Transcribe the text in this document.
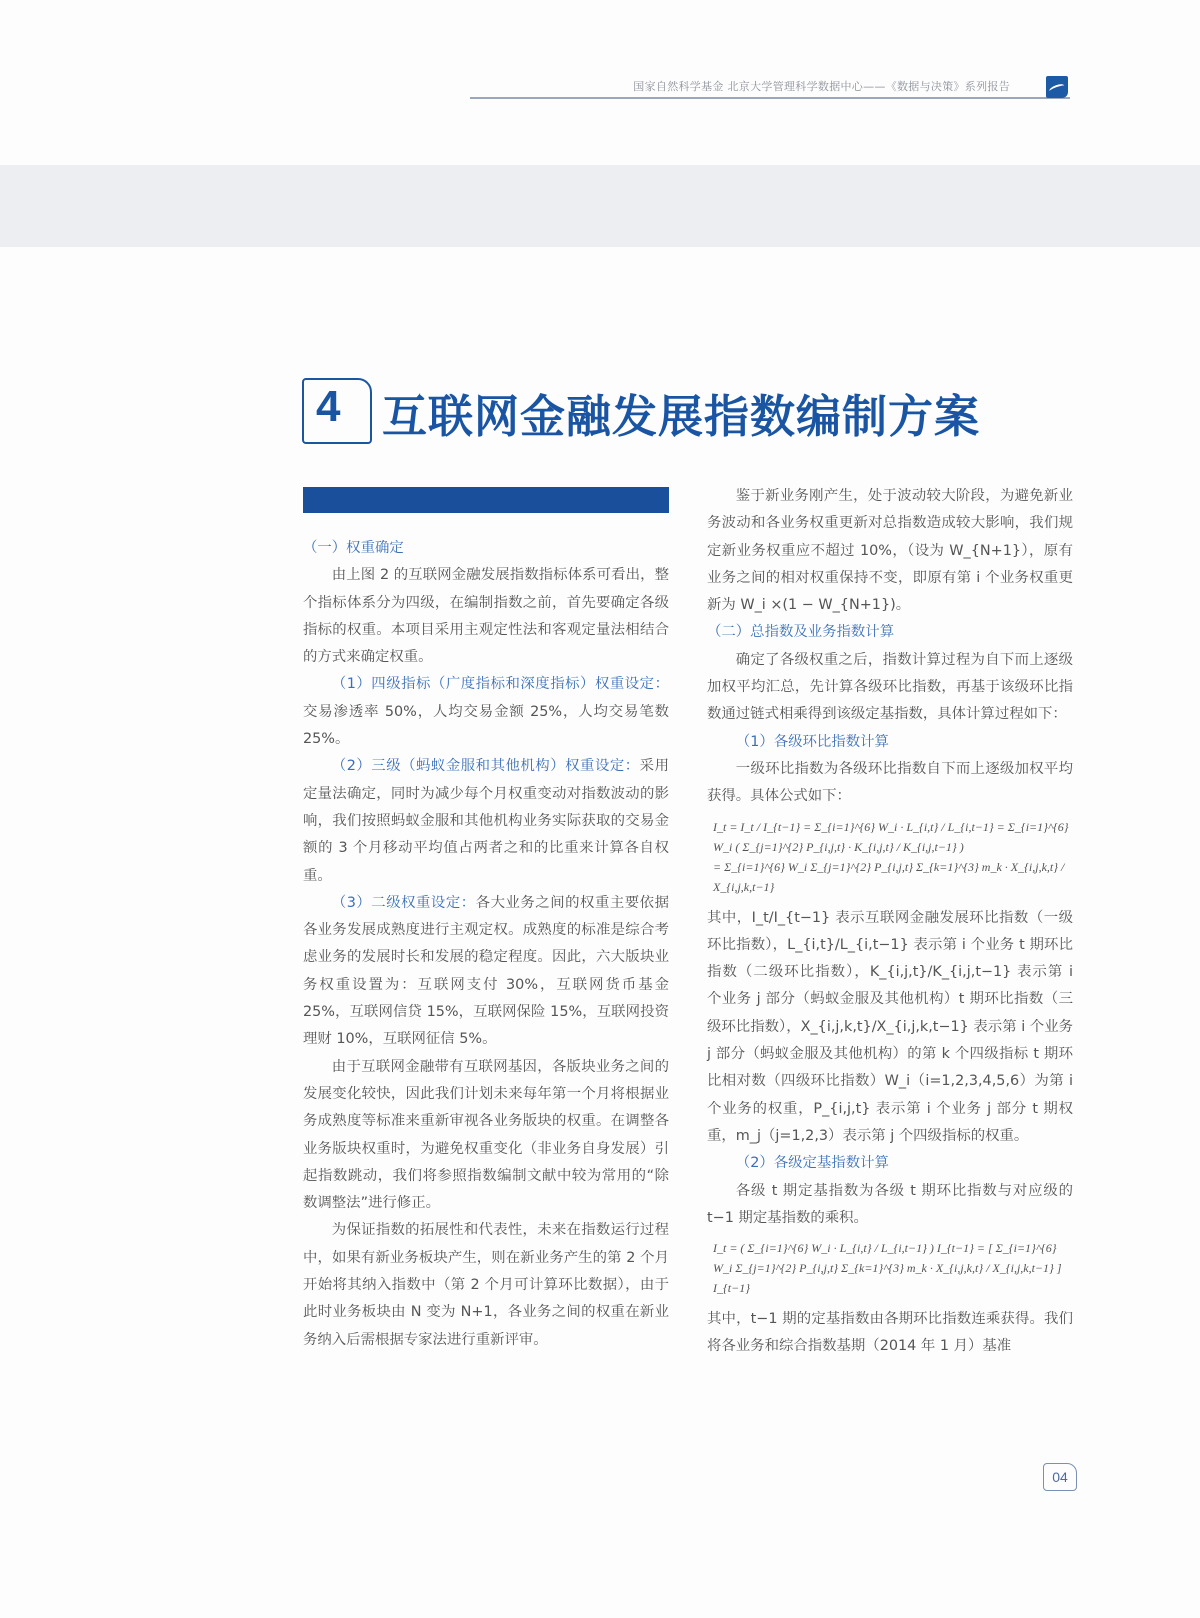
国家自然科学基金 北京大学管理科学数据中心——《数据与决策》系列报告
4 互联网金融发展指数编制方案

（一）权重确定

由上图 2 的互联网金融发展指数指标体系可看出，整个指标体系分为四级，在编制指数之前，首先要确定各级指标的权重。本项目采用主观定性法和客观定量法相结合的方式来确定权重。

（1）四级指标（广度指标和深度指标）权重设定：交易渗透率 50%，人均交易金额 25%，人均交易笔数 25%。

（2）三级（蚂蚁金服和其他机构）权重设定：采用定量法确定，同时为减少每个月权重变动对指数波动的影响，我们按照蚂蚁金服和其他机构业务实际获取的交易金额的 3 个月移动平均值占两者之和的比重来计算各自权重。

（3）二级权重设定：各大业务之间的权重主要依据各业务发展成熟度进行主观定权。成熟度的标准是综合考虑业务的发展时长和发展的稳定程度。因此，六大版块业务权重设置为：互联网支付 30%，互联网货币基金 25%，互联网信贷 15%，互联网保险 15%，互联网投资理财 10%，互联网征信 5%。

由于互联网金融带有互联网基因，各版块业务之间的发展变化较快，因此我们计划未来每年第一个月将根据业务成熟度等标准来重新审视各业务版块的权重。在调整各业务版块权重时，为避免权重变化（非业务自身发展）引起指数跳动，我们将参照指数编制文献中较为常用的“除数调整法”进行修正。

为保证指数的拓展性和代表性，未来在指数运行过程中，如果有新业务板块产生，则在新业务产生的第 2 个月开始将其纳入指数中（第 2 个月可计算环比数据），由于此时业务板块由 N 变为 N+1，各业务之间的权重在新业务纳入后需根据专家法进行重新评审。

鉴于新业务刚产生，处于波动较大阶段，为避免新业务波动和各业务权重更新对总指数造成较大影响，我们规定新业务权重应不超过 10%，（设为 W_{N+1}），原有业务之间的相对权重保持不变，即原有第 i 个业务权重更新为 W_i ×(1 − W_{N+1})。

（二）总指数及业务指数计算

确定了各级权重之后，指数计算过程为自下而上逐级加权平均汇总，先计算各级环比指数，再基于该级环比指数通过链式相乘得到该级定基指数，具体计算过程如下：

（1）各级环比指数计算

一级环比指数为各级环比指数自下而上逐级加权平均获得。具体公式如下：

I_t = I_t / I_{t−1} = Σ_{i=1}^{6} W_i · L_{i,t} / L_{i,t−1} = Σ_{i=1}^{6} W_i ( Σ_{j=1}^{2} P_{i,j,t} · K_{i,j,t} / K_{i,j,t−1} )
= Σ_{i=1}^{6} W_i Σ_{j=1}^{2} P_{i,j,t} Σ_{k=1}^{3} m_k · X_{i,j,k,t} / X_{i,j,k,t−1}

其中，I_t/I_{t−1} 表示互联网金融发展环比指数（一级环比指数），L_{i,t}/L_{i,t−1} 表示第 i 个业务 t 期环比指数（二级环比指数），K_{i,j,t}/K_{i,j,t−1} 表示第 i 个业务 j 部分（蚂蚁金服及其他机构）t 期环比指数（三级环比指数），X_{i,j,k,t}/X_{i,j,k,t−1} 表示第 i 个业务 j 部分（蚂蚁金服及其他机构）的第 k 个四级指标 t 期环比相对数（四级环比指数）W_i（i=1,2,3,4,5,6）为第 i 个业务的权重，P_{i,j,t} 表示第 i 个业务 j 部分 t 期权重，m_j（j=1,2,3）表示第 j 个四级指标的权重。

（2）各级定基指数计算

各级 t 期定基指数为各级 t 期环比指数与对应级的 t−1 期定基指数的乘积。

I_t = ( Σ_{i=1}^{6} W_i · L_{i,t} / L_{i,t−1} ) I_{t−1} = [ Σ_{i=1}^{6} W_i Σ_{j=1}^{2} P_{i,j,t} Σ_{k=1}^{3} m_k · X_{i,j,k,t} / X_{i,j,k,t−1} ] I_{t−1}

其中，t−1 期的定基指数由各期环比指数连乘获得。我们将各业务和综合指数基期（2014 年 1 月）基准

04
